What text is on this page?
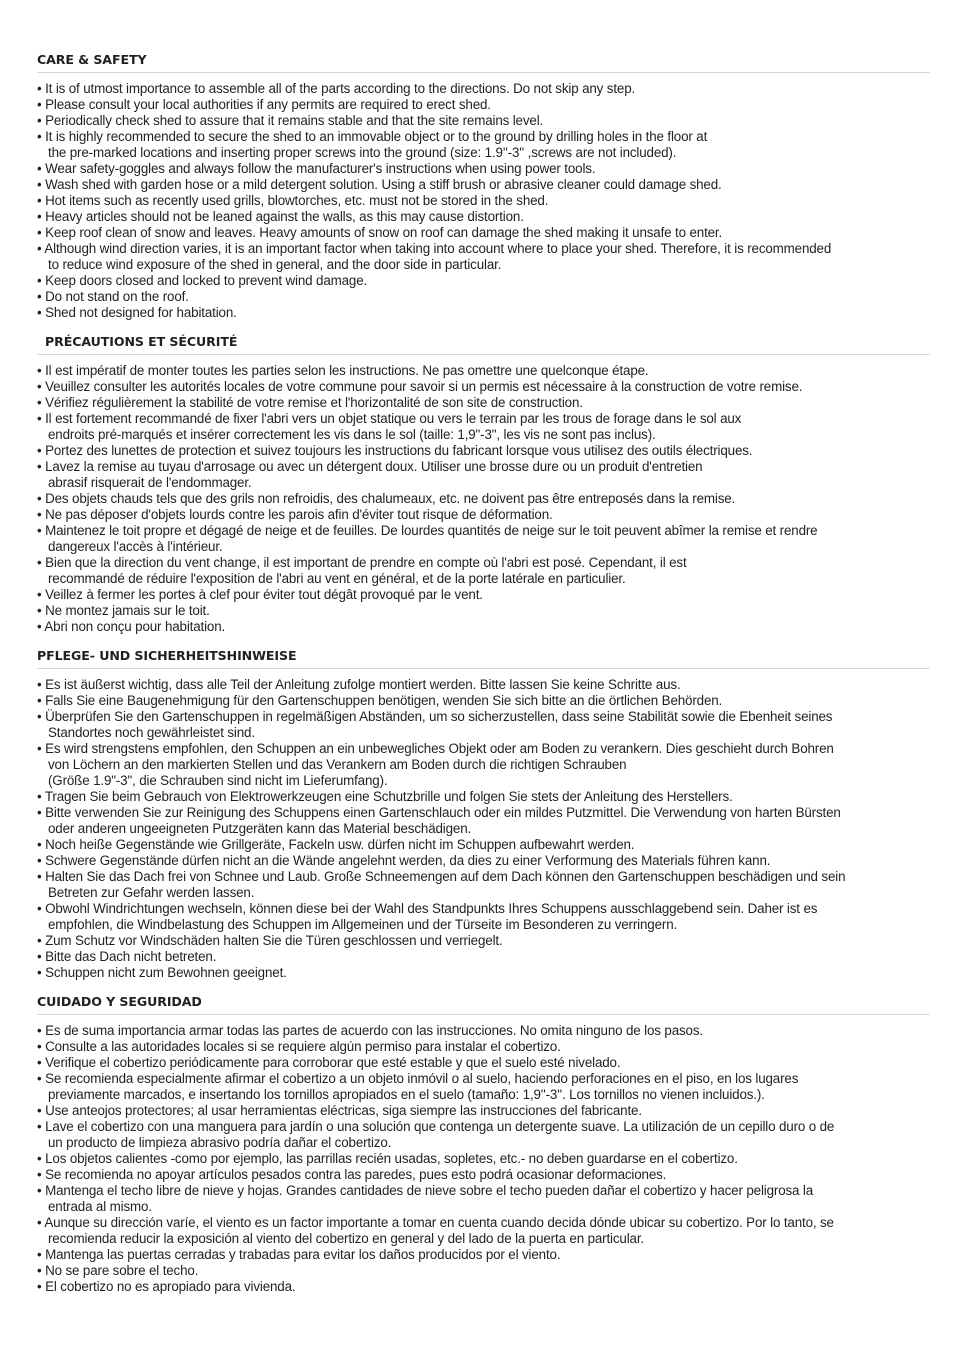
CARE & SAFETY
• It is of utmost importance to assemble all of the parts according to the directions. Do not skip any step.
• Please consult your local authorities if any permits are required to erect shed.
• Periodically check shed to assure that it remains stable and that the site remains level.
• It is highly recommended to secure the shed to an immovable object or to the ground by drilling holes in the floor at
the pre-marked locations and inserting proper screws into the ground (size: 1.9''-3'' ,screws are not included).
• Wear safety-goggles and always follow the manufacturer's instructions when using power tools.
• Wash shed with garden hose or a mild detergent solution. Using a stiff brush or abrasive cleaner could damage shed.
• Hot items such as recently used grills, blowtorches, etc. must not be stored in the shed.
• Heavy articles should not be leaned against the walls, as this may cause distortion.
• Keep roof clean of snow and leaves. Heavy amounts of snow on roof can damage the shed making it unsafe to enter.
• Although wind direction varies, it is an important factor when taking into account where to place your shed. Therefore, it is recommended
to reduce wind exposure of the shed in general, and the door side in particular.
• Keep doors closed and locked to prevent wind damage.
• Do not stand on the roof.
• Shed not designed for habitation.
PRÉCAUTIONS ET SÉCURITÉ
• Il est impératif de monter toutes les parties selon les instructions. Ne pas omettre une quelconque étape.
• Veuillez consulter les autorités locales de votre commune pour savoir si un permis est nécessaire à la construction de votre remise.
• Vérifiez régulièrement la stabilité de votre remise et l'horizontalité de son site de construction.
• Il est fortement recommandé de fixer l'abri vers un objet statique ou vers le terrain par les trous de forage dans le sol aux
endroits pré-marqués et insérer correctement les vis dans le sol (taille: 1,9"-3", les vis ne sont pas inclus).
• Portez des lunettes de protection et suivez toujours les instructions du fabricant lorsque vous utilisez des outils électriques.
• Lavez la remise au tuyau d'arrosage ou avec un détergent doux. Utiliser une brosse dure ou un produit d'entretien
abrasif risquerait de l'endommager.
• Des objets chauds tels que des grils non refroidis, des chalumeaux, etc. ne doivent pas être entreposés dans la remise.
• Ne pas déposer d'objets lourds contre les parois afin d'éviter tout risque de déformation.
• Maintenez le toit propre et dégagé de neige et de feuilles. De lourdes quantités de neige sur le toit peuvent abîmer la remise et rendre
dangereux l'accès à l'intérieur.
• Bien que la direction du vent change, il est important de prendre en compte où l'abri est posé. Cependant, il est
recommandé de réduire l'exposition de l'abri au vent en général, et de la porte latérale en particulier.
• Veillez à fermer les portes à clef pour éviter tout dégât provoqué par le vent.
• Ne montez jamais sur le toit.
• Abri non conçu pour habitation.
PFLEGE- UND SICHERHEITSHINWEISE
• Es ist äußerst wichtig, dass alle Teil der Anleitung zufolge montiert werden. Bitte lassen Sie keine Schritte aus.
• Falls Sie eine Baugenehmigung für den Gartenschuppen benötigen, wenden Sie sich bitte an die örtlichen Behörden.
• Überprüfen Sie den Gartenschuppen in regelmäßigen Abständen, um so sicherzustellen, dass seine Stabilität sowie die Ebenheit seines
Standortes noch gewährleistet sind.
• Es wird strengstens empfohlen, den Schuppen an ein unbewegliches Objekt oder am Boden zu verankern. Dies geschieht durch Bohren
von Löchern an den markierten Stellen und das Verankern am Boden durch die richtigen Schrauben
(Größe 1.9"-3", die Schrauben sind nicht im Lieferumfang).
• Tragen Sie beim Gebrauch von Elektrowerkzeugen eine Schutzbrille und folgen Sie stets der Anleitung des Herstellers.
• Bitte verwenden Sie zur Reinigung des Schuppens einen Gartenschlauch oder ein mildes Putzmittel. Die Verwendung von harten Bürsten
oder anderen ungeeigneten Putzgeräten kann das Material beschädigen.
• Noch heiße Gegenstände wie Grillgeräte, Fackeln usw. dürfen nicht im Schuppen aufbewahrt werden.
• Schwere Gegenstände dürfen nicht an die Wände angelehnt werden, da dies zu einer Verformung des Materials führen kann.
• Halten Sie das Dach frei von Schnee und Laub. Große Schneemengen auf dem Dach können den Gartenschuppen beschädigen und sein
Betreten zur Gefahr werden lassen.
• Obwohl Windrichtungen wechseln, können diese bei der Wahl des Standpunkts Ihres Schuppens ausschlaggebend sein. Daher ist es
empfohlen, die Windbelastung des Schuppen im Allgemeinen und der Türseite im Besonderen zu verringern.
• Zum Schutz vor Windschäden halten Sie die Türen geschlossen und verriegelt.
• Bitte das Dach nicht betreten.
• Schuppen nicht zum Bewohnen geeignet.
CUIDADO Y SEGURIDAD
• Es de suma importancia armar todas las partes de acuerdo con las instrucciones. No omita ninguno de los pasos.
• Consulte a las autoridades locales si se requiere algún permiso para instalar el cobertizo.
• Verifique el cobertizo periódicamente para corroborar que esté estable y que el suelo esté nivelado.
• Se recomienda especialmente afirmar el cobertizo a un objeto inmóvil o al suelo, haciendo perforaciones en el piso, en los lugares
previamente marcados, e insertando los tornillos apropiados en el suelo (tamaño: 1,9''-3''. Los tornillos no vienen incluidos.).
• Use anteojos protectores; al usar herramientas eléctricas, siga siempre las instrucciones del fabricante.
• Lave el cobertizo con una manguera para jardín o una solución que contenga un detergente suave. La utilización de un cepillo duro o de
un producto de limpieza abrasivo podría dañar el cobertizo.
• Los objetos calientes -como por ejemplo, las parrillas recién usadas, sopletes, etc.- no deben guardarse en el cobertizo.
• Se recomienda no apoyar artículos pesados contra las paredes, pues esto podrá ocasionar deformaciones.
• Mantenga el techo libre de nieve y hojas. Grandes cantidades de nieve sobre el techo pueden dañar el cobertizo y hacer peligrosa la
entrada al mismo.
• Aunque su dirección varíe, el viento es un factor importante a tomar en cuenta cuando decida dónde ubicar su cobertizo. Por lo tanto, se
recomienda reducir la exposición al viento del cobertizo en general y del lado de la puerta en particular.
• Mantenga las puertas cerradas y trabadas para evitar los daños producidos por el viento.
• No se pare sobre el techo.
• El cobertizo no es apropiado para vivienda.
